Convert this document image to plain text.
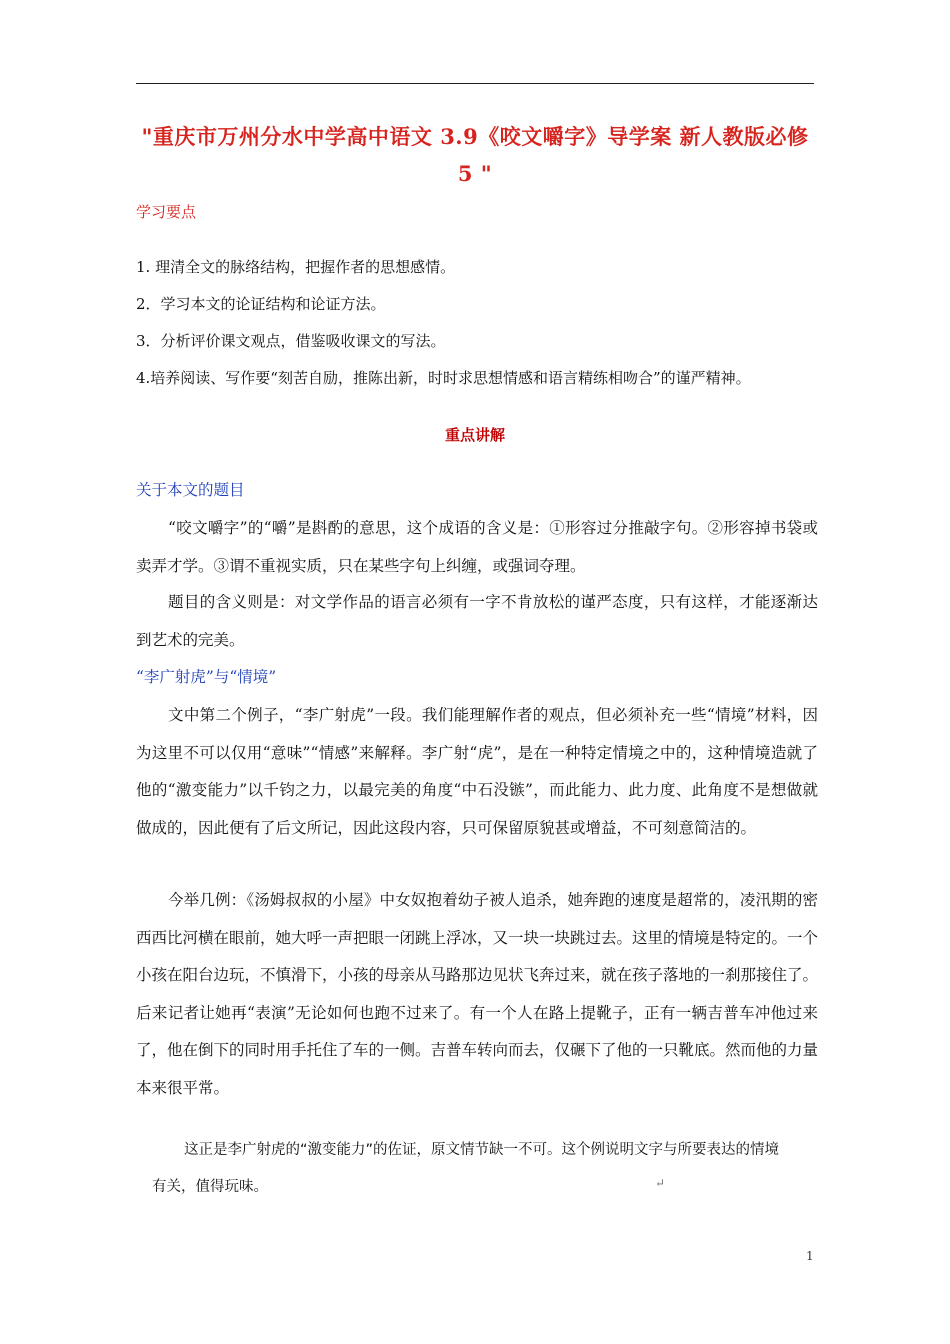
"重庆市万州分水中学高中语文 3.9《咬文嚼字》导学案 新人教版必修 5 "
学习要点
1. 理清全文的脉络结构，把握作者的思想感情。
2．学习本文的论证结构和论证方法。
3．分析评价课文观点，借鉴吸收课文的写法。
4.培养阅读、写作要“刻苦自励，推陈出新，时时求思想情感和语言精练相吻合”的谨严精神。
重点讲解
关于本文的题目

“咬文嚼字”的“嚼”是斟酌的意思，这个成语的含义是：①形容过分推敲字句。②形容掉书袋或卖弄才学。③谓不重视实质，只在某些字句上纠缠，或强词夺理。

题目的含义则是：对文学作品的语言必须有一字不肯放松的谨严态度，只有这样，才能逐渐达到艺术的完美。

“李广射虎”与“情境”

文中第二个例子，“李广射虎”一段。我们能理解作者的观点，但必须补充一些“情境”材料，因为这里不可以仅用“意味”“情感”来解释。李广射“虎”，是在一种特定情境之中的，这种情境造就了他的“激变能力”以千钧之力，以最完美的角度“中石没镞”，而此能力、此力度、此角度不是想做就做成的，因此便有了后文所记，因此这段内容，只可保留原貌甚或增益，不可刻意简洁的。

今举几例：《汤姆叔叔的小屋》中女奴抱着幼子被人追杀，她奔跑的速度是超常的，凌汛期的密西西比河横在眼前，她大呼一声把眼一闭跳上浮冰，又一块一块跳过去。这里的情境是特定的。一个小孩在阳台边玩，不慎滑下，小孩的母亲从马路那边见状飞奔过来，就在孩子落地的一刹那接住了。后来记者让她再“表演”无论如何也跑不过来了。有一个人在路上提靴子，正有一辆吉普车冲他过来了，他在倒下的同时用手托住了车的一侧。吉普车转向而去，仅碾下了他的一只靴底。然而他的力量本来很平常。

这正是李广射虎的“激变能力”的佐证，原文情节缺一不可。这个例说明文字与所要表达的情境有关，值得玩味。	↵
1
